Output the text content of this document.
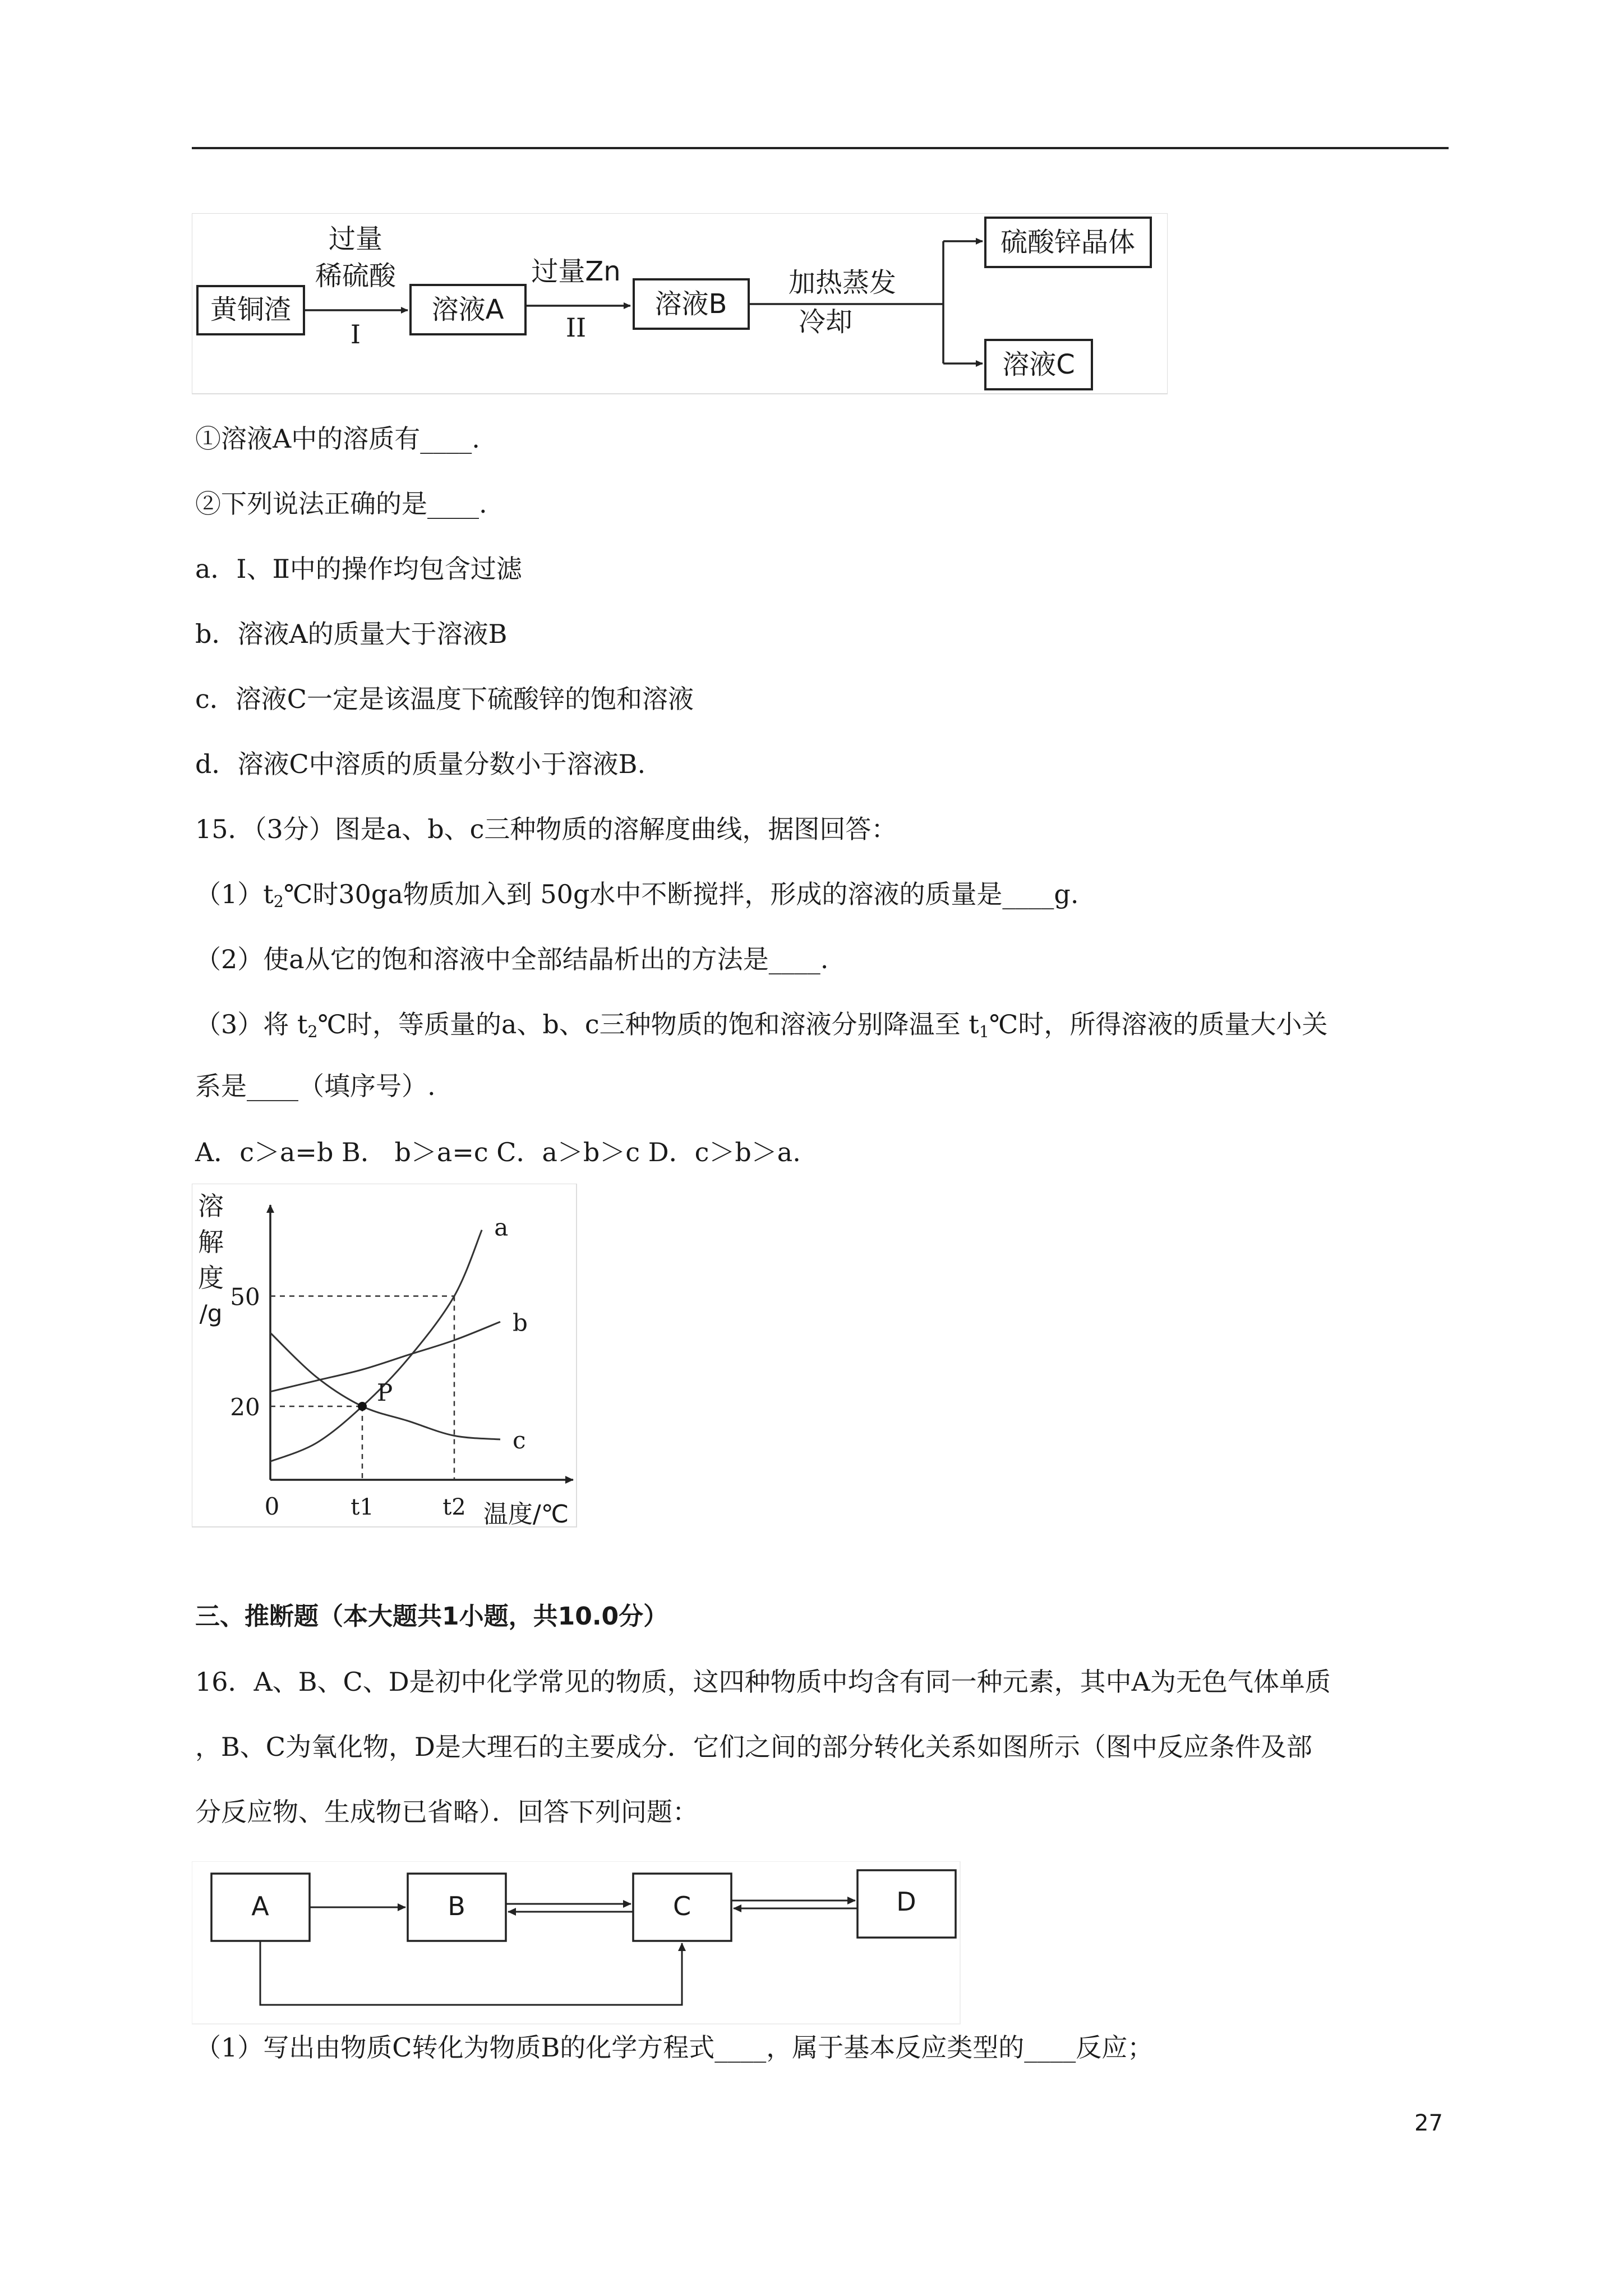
黄铜渣
过量
稀硫酸
I
溶液A
过量Zn
II
溶液B
加热蒸发
冷却
硫酸锌晶体
溶液C
①溶液A中的溶质有____.
②下列说法正确的是____.
a．Ⅰ、Ⅱ中的操作均包含过滤
b．溶液A的质量大于溶液B
c．溶液C一定是该温度下硫酸锌的饱和溶液
d．溶液C中溶质的质量分数小于溶液B.
15．（3分）图是a、b、c三种物质的溶解度曲线，据图回答：
$(1)t_2℃$时30ga物质加入到 50g水中不断搅拌，形成的溶液的质量是____g.
（2）使a从它的饱和溶液中全部结晶析出的方法是____.
（3）将 $t_2℃$时，等质量的a、b、c三种物质的饱和溶液分别降温至 $t_1℃$时，所得溶液的质量大小关
系是____（填序号）.
A．c＞a=b B． b＞a=c C．a＞b＞c D．c＞b＞a.
溶
解
度
/g
0	温度/℃
20
50
t1	t2
a
b
c
P
三、推断题（本大题共1小题，共10.0分）
16．A、B、C、D是初中化学常见的物质，这四种物质中均含有同一种元素，其中A为无色气体单质
，B、C为氧化物，D是大理石的主要成分．它们之间的部分转化关系如图所示（图中反应条件及部
分反应物、生成物已省略）．回答下列问题：
A	B	C	D
（1）写出由物质C转化为物质B的化学方程式____，属于基本反应类型的____反应；
27
